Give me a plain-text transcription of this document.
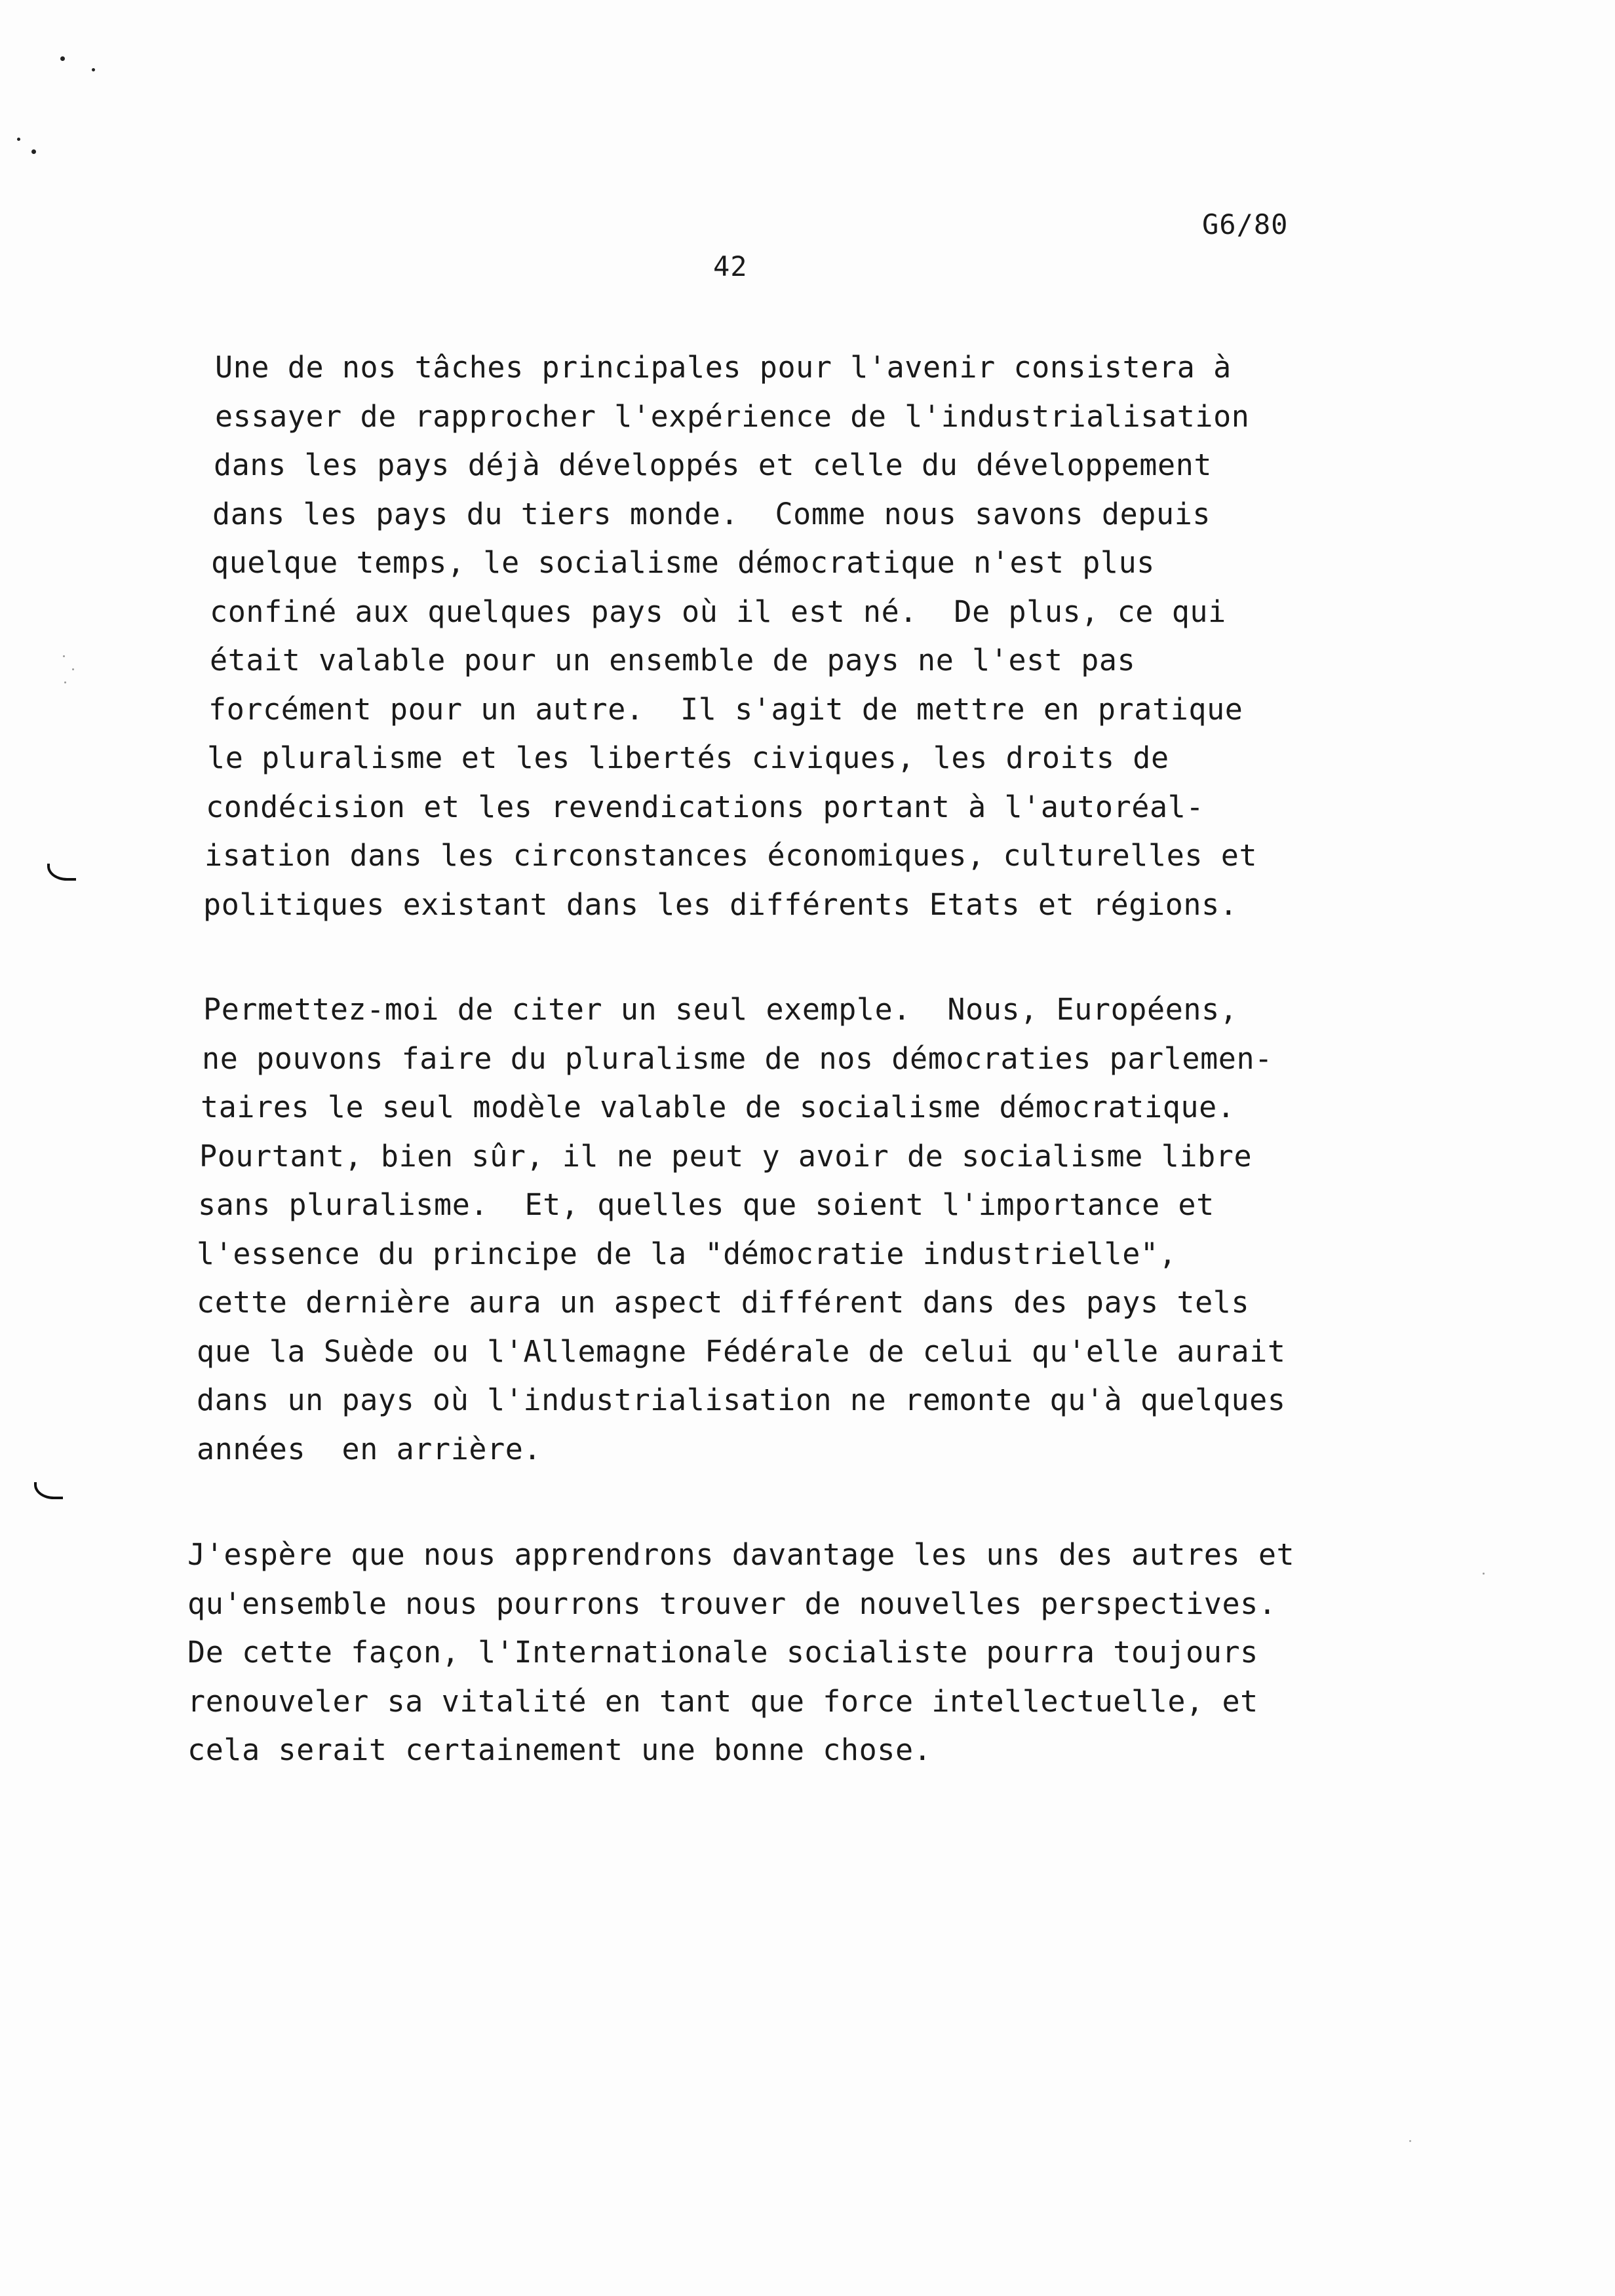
G6/80
42
Une de nos tâches principales pour l'avenir consistera à
essayer de rapprocher l'expérience de l'industrialisation
dans les pays déjà développés et celle du développement
dans les pays du tiers monde.  Comme nous savons depuis
quelque temps, le socialisme démocratique n'est plus
confiné aux quelques pays où il est né.  De plus, ce qui
était valable pour un ensemble de pays ne l'est pas
forcément pour un autre.  Il s'agit de mettre en pratique
le pluralisme et les libertés civiques, les droits de
condécision et les revendications portant à l'autoréal-
isation dans les circonstances économiques, culturelles et
politiques existant dans les différents Etats et régions.
Permettez-moi de citer un seul exemple.  Nous, Européens,
ne pouvons faire du pluralisme de nos démocraties parlemen-
taires le seul modèle valable de socialisme démocratique.
Pourtant, bien sûr, il ne peut y avoir de socialisme libre
sans pluralisme.  Et, quelles que soient l'importance et
l'essence du principe de la "démocratie industrielle",
cette dernière aura un aspect différent dans des pays tels
que la Suède ou l'Allemagne Fédérale de celui qu'elle aurait
dans un pays où l'industrialisation ne remonte qu'à quelques
années  en arrière.
J'espère que nous apprendrons davantage les uns des autres et
qu'ensemble nous pourrons trouver de nouvelles perspectives.
De cette façon, l'Internationale socialiste pourra toujours
renouveler sa vitalité en tant que force intellectuelle, et
cela serait certainement une bonne chose.
